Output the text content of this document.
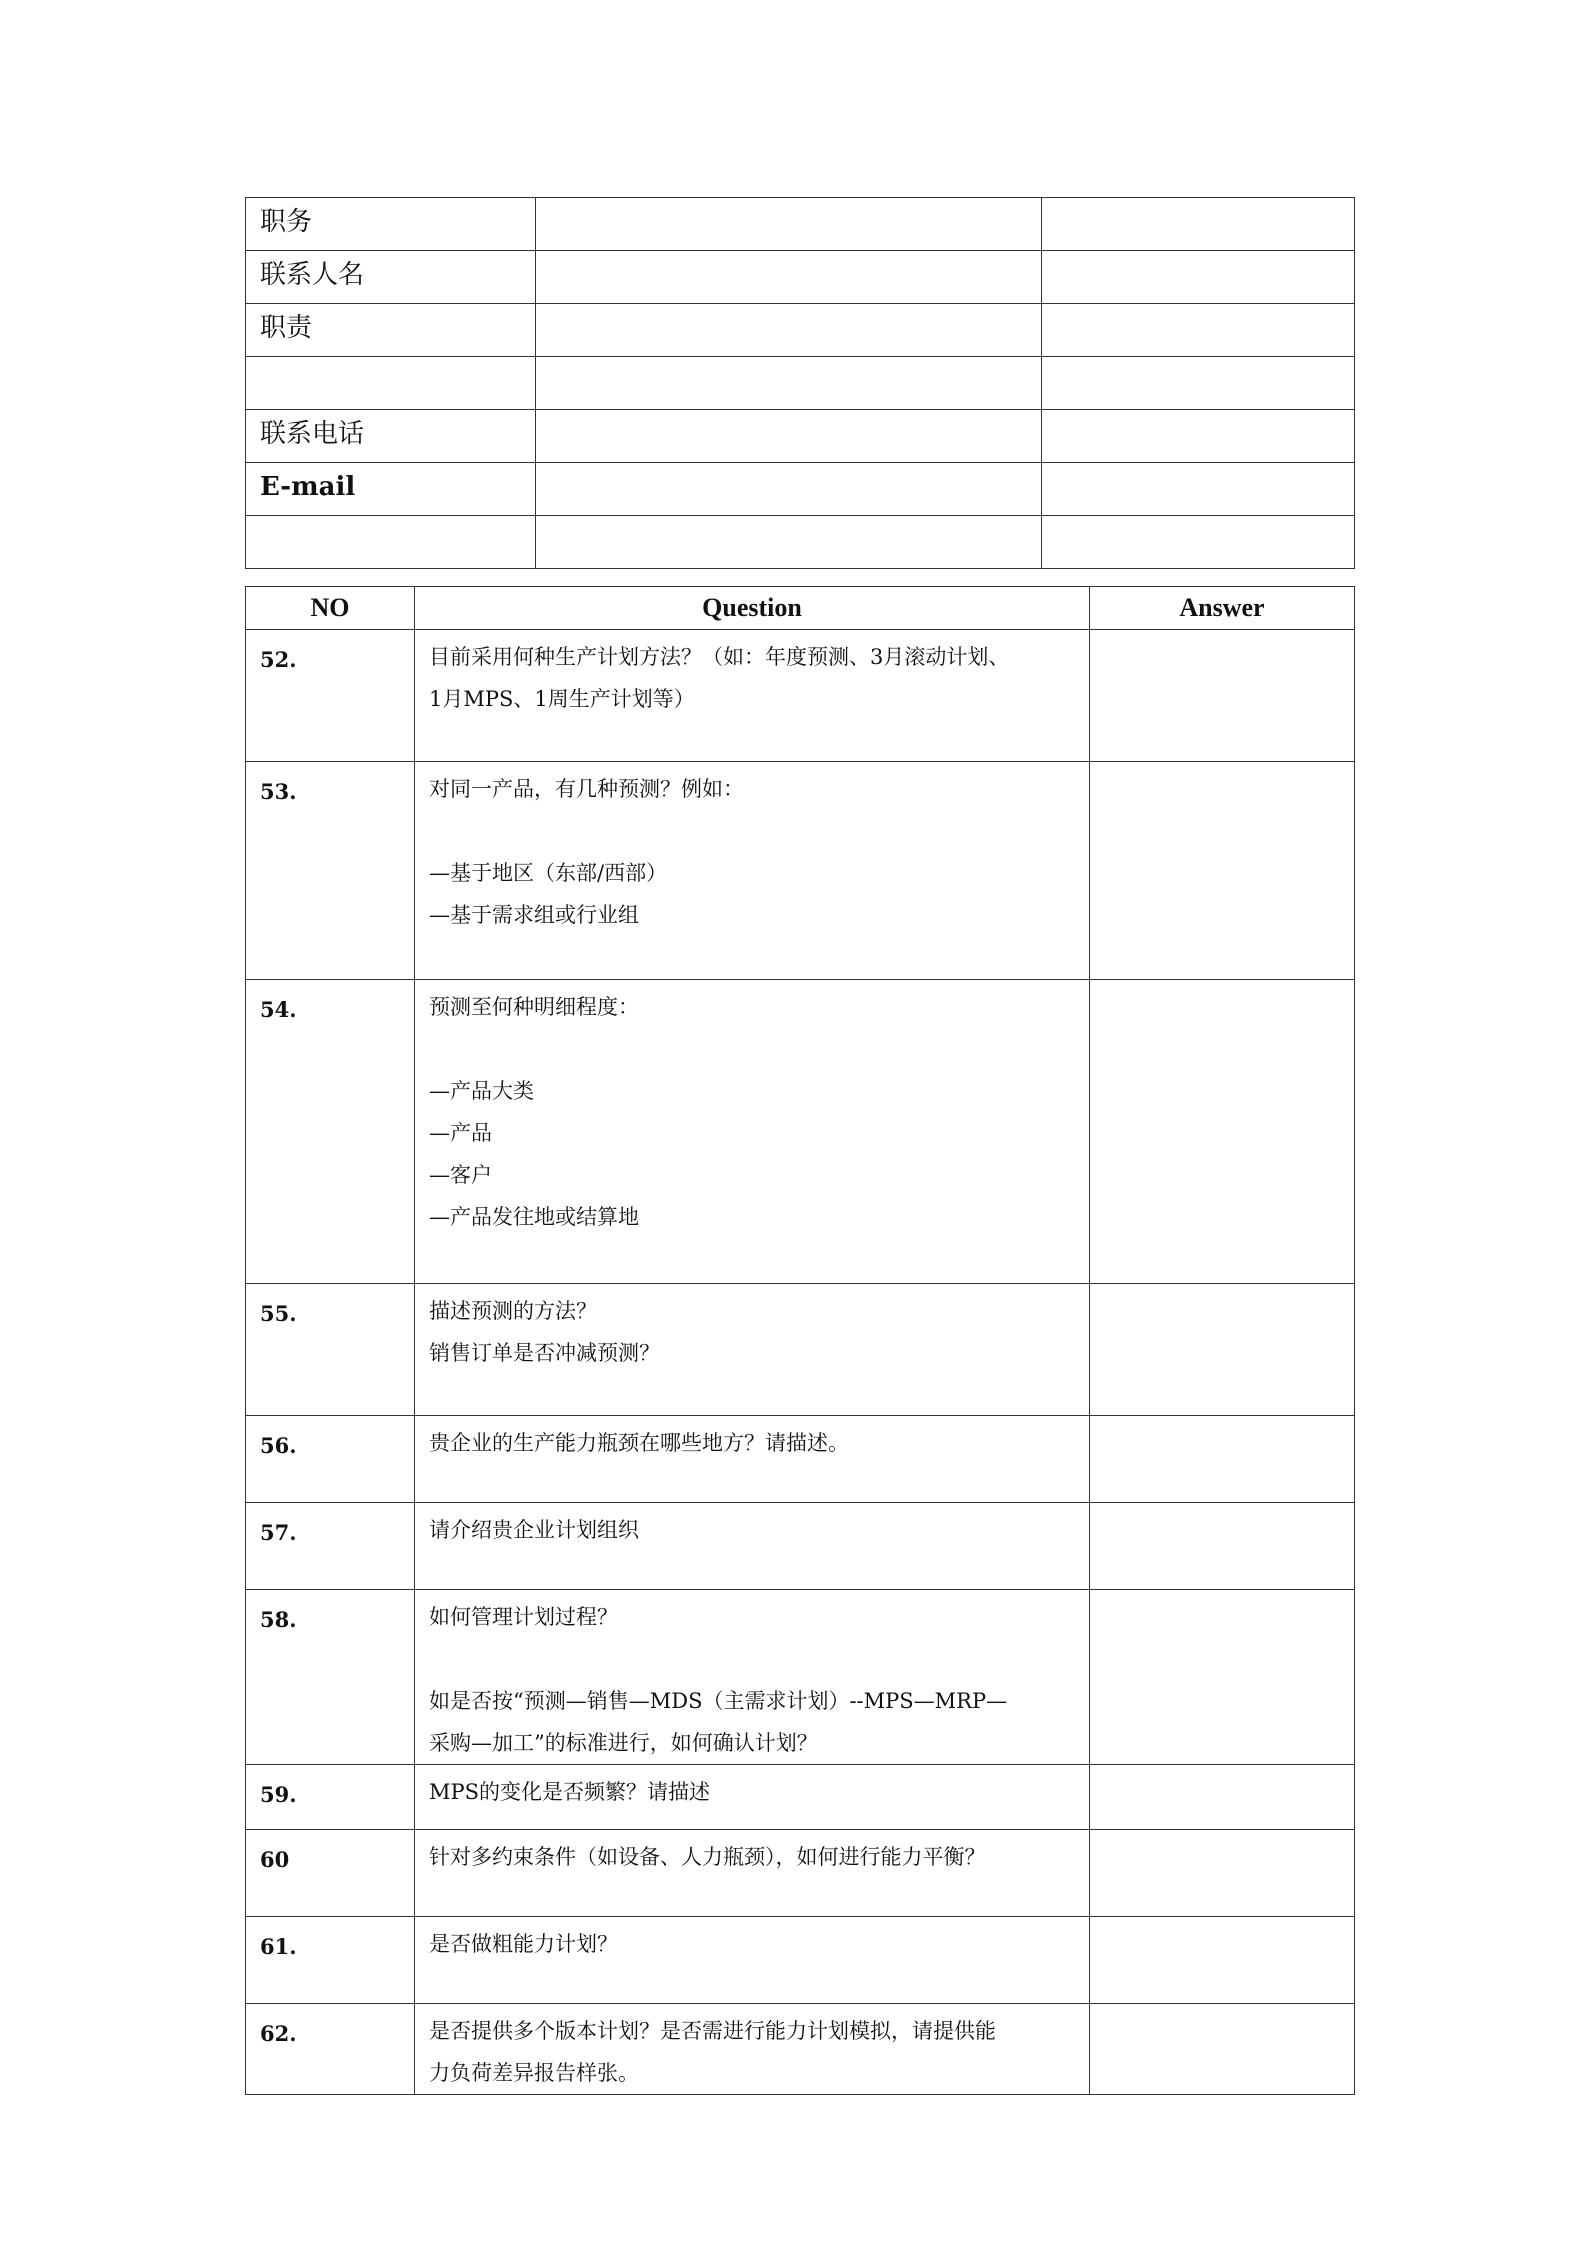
职务		
联系人名		
职责		

联系电话		
E-mail		

NO	Question	Answer
52.	目前采用何种生产计划方法？（如：年度预测、3月滚动计划、
1月MPS、1周生产计划等）	

53.	对同一产品，有几种预测？例如：
—基于地区（东部/西部）
—基于需求组或行业组	

54.	预测至何种明细程度：
—产品大类
—产品
—客户
—产品发往地或结算地	

55.	描述预测的方法？
销售订单是否冲减预测？	

56.	贵企业的生产能力瓶颈在哪些地方？请描述。	

57.	请介绍贵企业计划组织	

58.	如何管理计划过程？
如是否按“预测—销售—MDS（主需求计划）--MPS—MRP—
采购—加工”的标准进行，如何确认计划？	

59.	MPS的变化是否频繁？请描述	

60	针对多约束条件（如设备、人力瓶颈），如何进行能力平衡？	

61.	是否做粗能力计划？	

62.	是否提供多个版本计划？是否需进行能力计划模拟，请提供能
力负荷差异报告样张。	
